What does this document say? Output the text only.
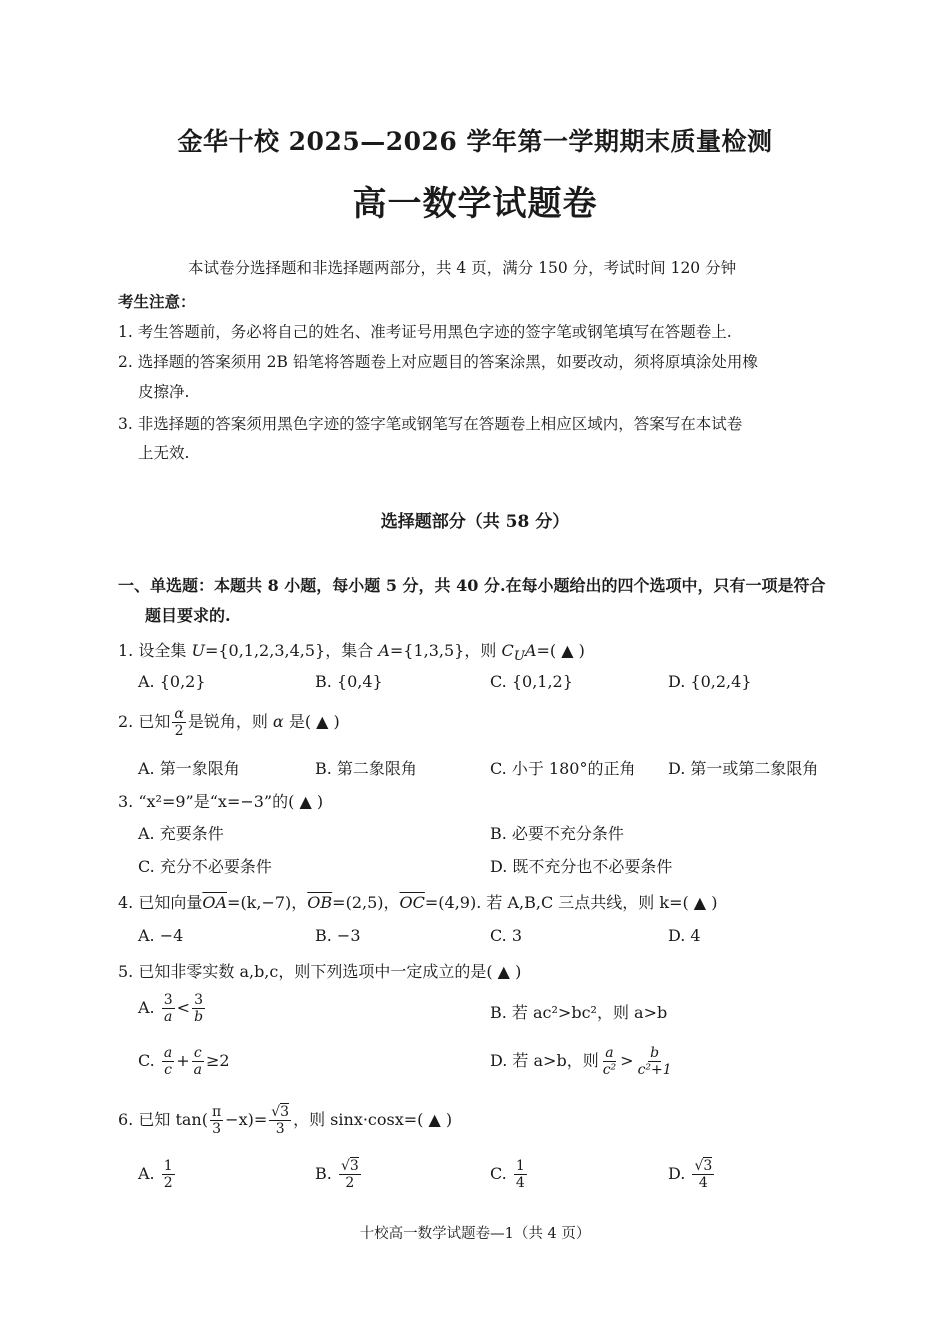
金华十校 2025—2026 学年第一学期期末质量检测
高一数学试题卷
本试卷分选择题和非选择题两部分，共 4 页，满分 150 分，考试时间 120 分钟
考生注意：
1. 考生答题前，务必将自己的姓名、准考证号用黑色字迹的签字笔或钢笔填写在答题卷上.
2. 选择题的答案须用 2B 铅笔将答题卷上对应题目的答案涂黑，如要改动，须将原填涂处用橡
皮擦净.
3. 非选择题的答案须用黑色字迹的签字笔或钢笔写在答题卷上相应区域内，答案写在本试卷
上无效.
选择题部分（共 58 分）
一、单选题：本题共 8 小题，每小题 5 分，共 40 分.在每小题给出的四个选项中，只有一项是符合
题目要求的.
1. 设全集 U={0,1,2,3,4,5}，集合 A={1,3,5}，则 $C_UA=$( ▲ )
A. {0,2}	B. {0,4}	C. {0,1,2}	D. {0,2,4}
2. 已知 $\frac{\alpha}{2}$ 是锐角，则 α 是( ▲ )
A. 第一象限角	B. 第二象限角	C. 小于 180°的正角 D. 第一或第二象限角
3. “x²=9”是“x=−3”的( ▲ )
A. 充要条件	B. 必要不充分条件
C. 充分不必要条件	D. 既不充分也不必要条件
4. 已知向量$\overline{OA}=(k,-7)$，$\overline{OB}=(2,5)$，$\overline{OC}=(4,9)$. 若 A,B,C 三点共线，则 k=( ▲ )
A. −4	B. −3	C. 3	D. 4
5. 已知非零实数 a,b,c，则下列选项中一定成立的是( ▲ )
A. $\frac{3}{a} < \frac{3}{b}$	B. 若 ac²>bc²，则 a>b
C. $\frac{a}{c} + \frac{c}{a} \ge 2$	D. 若 a>b，则 $\frac{a}{\text{c²}} > \frac{b}{\text{c²+1}}$
6. 已知 $\tan( \frac{\pi}{3} -x)= \frac{√3}{3}$ ，则 sinx·cosx=( ▲ )
A. $\frac{1}{2}$	B. $\frac{√3}{2}$	C. $\frac{1}{4}$	D. $\frac{√3}{4}$
十校高一数学试题卷—1（共 4 页）
